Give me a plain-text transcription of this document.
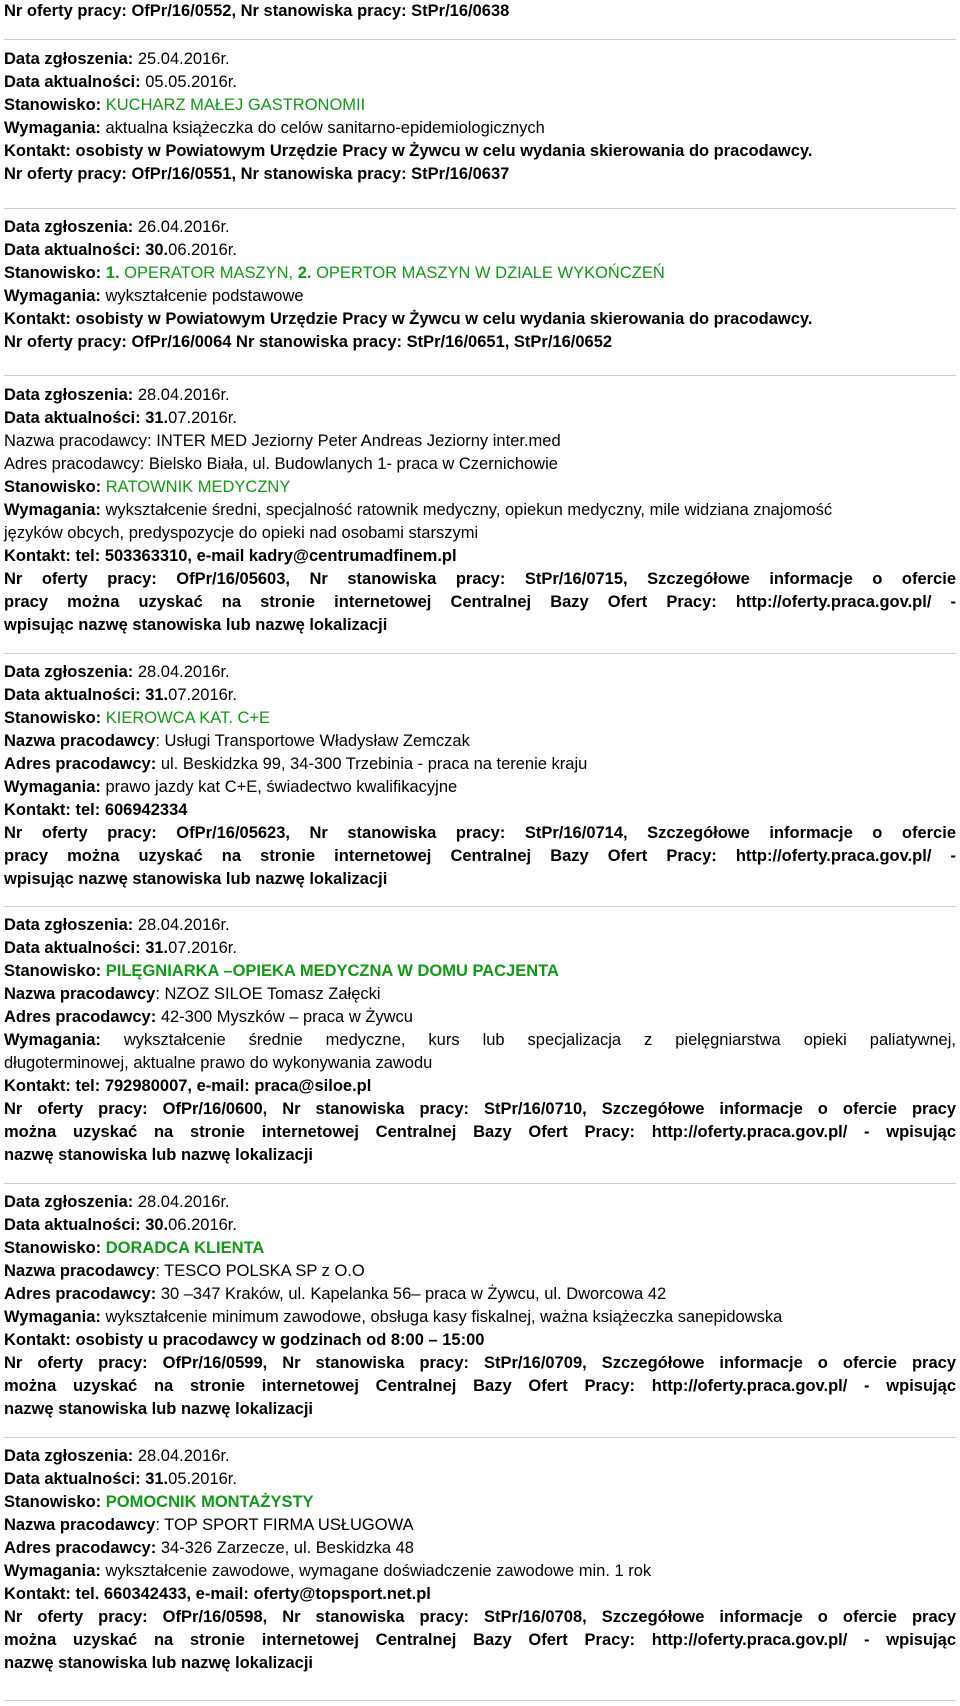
Nr oferty pracy: OfPr/16/0552, Nr stanowiska pracy: StPr/16/0638
Data zgłoszenia: 25.04.2016r.
Data aktualności: 05.05.2016r.
Stanowisko: KUCHARZ MAŁEJ GASTRONOMII
Wymagania: aktualna książeczka do celów sanitarno-epidemiologicznych
Kontakt: osobisty w Powiatowym Urzędzie Pracy w Żywcu w celu wydania skierowania do pracodawcy.
Nr oferty pracy: OfPr/16/0551, Nr stanowiska pracy: StPr/16/0637
Data zgłoszenia: 26.04.2016r.
Data aktualności: 30.06.2016r.
Stanowisko: 1. OPERATOR MASZYN, 2. OPERTOR MASZYN W DZIALE WYKOŃCZEŃ
Wymagania: wykształcenie podstawowe
Kontakt: osobisty w Powiatowym Urzędzie Pracy w Żywcu w celu wydania skierowania do pracodawcy.
Nr oferty pracy: OfPr/16/0064 Nr stanowiska pracy: StPr/16/0651, StPr/16/0652
Data zgłoszenia: 28.04.2016r.
Data aktualności: 31.07.2016r.
Nazwa pracodawcy: INTER MED Jeziorny Peter Andreas Jeziorny inter.med
Adres pracodawcy: Bielsko Biała, ul. Budowlanych 1- praca w Czernichowie
Stanowisko: RATOWNIK MEDYCZNY
Wymagania: wykształcenie średni, specjalność ratownik medyczny, opiekun medyczny, mile widziana znajomość
języków obcych, predyspozycje do opieki nad osobami starszymi
Kontakt: tel: 503363310, e-mail kadry@centrumadfinem.pl
Nr oferty pracy: OfPr/16/05603, Nr stanowiska pracy: StPr/16/0715, Szczegółowe informacje o ofercie
pracy można uzyskać na stronie internetowej Centralnej Bazy Ofert Pracy: http://oferty.praca.gov.pl/ -
wpisując nazwę stanowiska lub nazwę lokalizacji
Data zgłoszenia: 28.04.2016r.
Data aktualności: 31.07.2016r.
Stanowisko: KIEROWCA KAT. C+E
Nazwa pracodawcy: Usługi Transportowe Władysław Zemczak
Adres pracodawcy: ul. Beskidzka 99, 34-300 Trzebinia - praca na terenie kraju
Wymagania: prawo jazdy kat C+E, świadectwo kwalifikacyjne
Kontakt: tel: 606942334
Nr oferty pracy: OfPr/16/05623, Nr stanowiska pracy: StPr/16/0714, Szczegółowe informacje o ofercie
pracy można uzyskać na stronie internetowej Centralnej Bazy Ofert Pracy: http://oferty.praca.gov.pl/ -
wpisując nazwę stanowiska lub nazwę lokalizacji
Data zgłoszenia: 28.04.2016r.
Data aktualności: 31.07.2016r.
Stanowisko: PILĘGNIARKA –OPIEKA MEDYCZNA W DOMU PACJENTA
Nazwa pracodawcy: NZOZ SILOE Tomasz Załęcki
Adres pracodawcy: 42-300 Myszków – praca w Żywcu
Wymagania: wykształcenie średnie medyczne, kurs lub specjalizacja z pielęgniarstwa opieki paliatywnej,
długoterminowej, aktualne prawo do wykonywania zawodu
Kontakt: tel: 792980007, e-mail: praca@siloe.pl
Nr oferty pracy: OfPr/16/0600, Nr stanowiska pracy: StPr/16/0710, Szczegółowe informacje o ofercie pracy
można uzyskać na stronie internetowej Centralnej Bazy Ofert Pracy: http://oferty.praca.gov.pl/ - wpisując
nazwę stanowiska lub nazwę lokalizacji
Data zgłoszenia: 28.04.2016r.
Data aktualności: 30.06.2016r.
Stanowisko: DORADCA KLIENTA
Nazwa pracodawcy: TESCO POLSKA SP z O.O
Adres pracodawcy: 30 –347 Kraków, ul. Kapelanka 56– praca w Żywcu, ul. Dworcowa 42
Wymagania: wykształcenie minimum zawodowe, obsługa kasy fiskalnej, ważna książeczka sanepidowska
Kontakt: osobisty u pracodawcy w godzinach od 8:00 – 15:00
Nr oferty pracy: OfPr/16/0599, Nr stanowiska pracy: StPr/16/0709, Szczegółowe informacje o ofercie pracy
można uzyskać na stronie internetowej Centralnej Bazy Ofert Pracy: http://oferty.praca.gov.pl/ - wpisując
nazwę stanowiska lub nazwę lokalizacji
Data zgłoszenia: 28.04.2016r.
Data aktualności: 31.05.2016r.
Stanowisko: POMOCNIK MONTAŻYSTY
Nazwa pracodawcy: TOP SPORT FIRMA USŁUGOWA
Adres pracodawcy: 34-326 Zarzecze, ul. Beskidzka 48
Wymagania: wykształcenie zawodowe, wymagane doświadczenie zawodowe min. 1 rok
Kontakt: tel. 660342433, e-mail: oferty@topsport.net.pl
Nr oferty pracy: OfPr/16/0598, Nr stanowiska pracy: StPr/16/0708, Szczegółowe informacje o ofercie pracy
można uzyskać na stronie internetowej Centralnej Bazy Ofert Pracy: http://oferty.praca.gov.pl/ - wpisując
nazwę stanowiska lub nazwę lokalizacji
